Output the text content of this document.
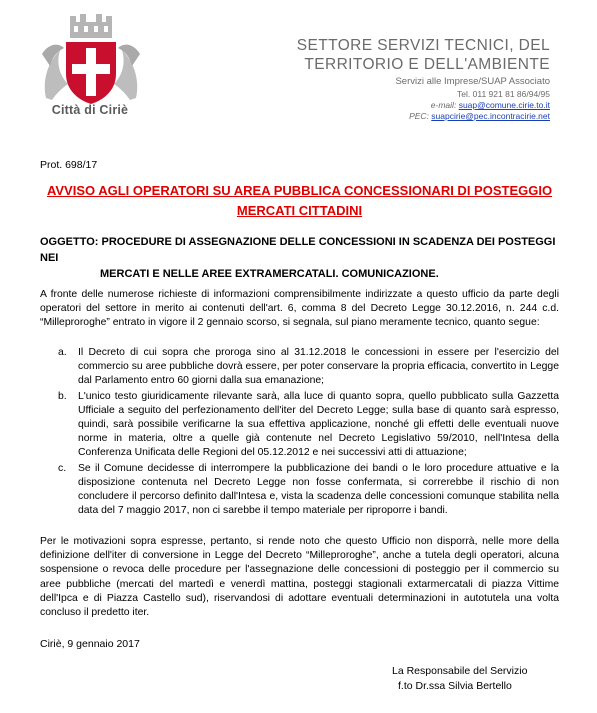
Città di Ciriè
SETTORE SERVIZI TECNICI, DEL
TERRITORIO E DELL'AMBIENTE
Servizi alle Imprese/SUAP Associato
Tel. 011 921 81 86/94/95
e-mail: suap@comune.cirie.to.it
PEC: suapcirie@pec.incontracirie.net
Prot. 698/17
AVVISO AGLI OPERATORI SU AREA PUBBLICA CONCESSIONARI DI POSTEGGIO
MERCATI CITTADINI
OGGETTO: PROCEDURE DI ASSEGNAZIONE DELLE CONCESSIONI IN SCADENZA DEI POSTEGGI NEI
MERCATI E NELLE AREE EXTRAMERCATALI. COMUNICAZIONE.
A fronte delle numerose richieste di informazioni comprensibilmente indirizzate a questo ufficio da parte degli operatori del settore in merito ai contenuti dell'art. 6, comma 8 del Decreto Legge 30.12.2016, n. 244 c.d. “Milleproroghe” entrato in vigore il 2 gennaio scorso, si segnala, sul piano meramente tecnico, quanto segue:
a. Il Decreto di cui sopra che proroga sino al 31.12.2018 le concessioni in essere per l'esercizio del commercio su aree pubbliche dovrà essere, per poter conservare la propria efficacia, convertito in Legge dal Parlamento entro 60 giorni dalla sua emanazione;
b. L'unico testo giuridicamente rilevante sarà, alla luce di quanto sopra, quello pubblicato sulla Gazzetta Ufficiale a seguito del perfezionamento dell'iter del Decreto Legge; sulla base di quanto sarà espresso, quindi, sarà possibile verificarne la sua effettiva applicazione, nonché gli effetti delle eventuali nuove norme in materia, oltre a quelle già contenute nel Decreto Legislativo 59/2010, nell'Intesa della Conferenza Unificata delle Regioni del 05.12.2012 e nei successivi atti di attuazione;
c. Se il Comune decidesse di interrompere la pubblicazione dei bandi o le loro procedure attuative e la disposizione contenuta nel Decreto Legge non fosse confermata, si correrebbe il rischio di non concludere il percorso definito dall'Intesa e, vista la scadenza delle concessioni comunque stabilita nella data del 7 maggio 2017, non ci sarebbe il tempo materiale per riproporre i bandi.
Per le motivazioni sopra espresse, pertanto, si rende noto che questo Ufficio non disporrà, nelle more della definizione dell'iter di conversione in Legge del Decreto “Milleproroghe”, anche a tutela degli operatori, alcuna sospensione o revoca delle procedure per l'assegnazione delle concessioni di posteggio per il commercio su aree pubbliche (mercati del martedì e venerdì mattina, posteggi stagionali extarmercatali di piazza Vittime dell'Ipca e di Piazza Castello sud), riservandosi di adottare eventuali determinazioni in autotutela una volta concluso il predetto iter.
Ciriè, 9 gennaio 2017
La Responsabile del Servizio
f.to Dr.ssa Silvia Bertello
